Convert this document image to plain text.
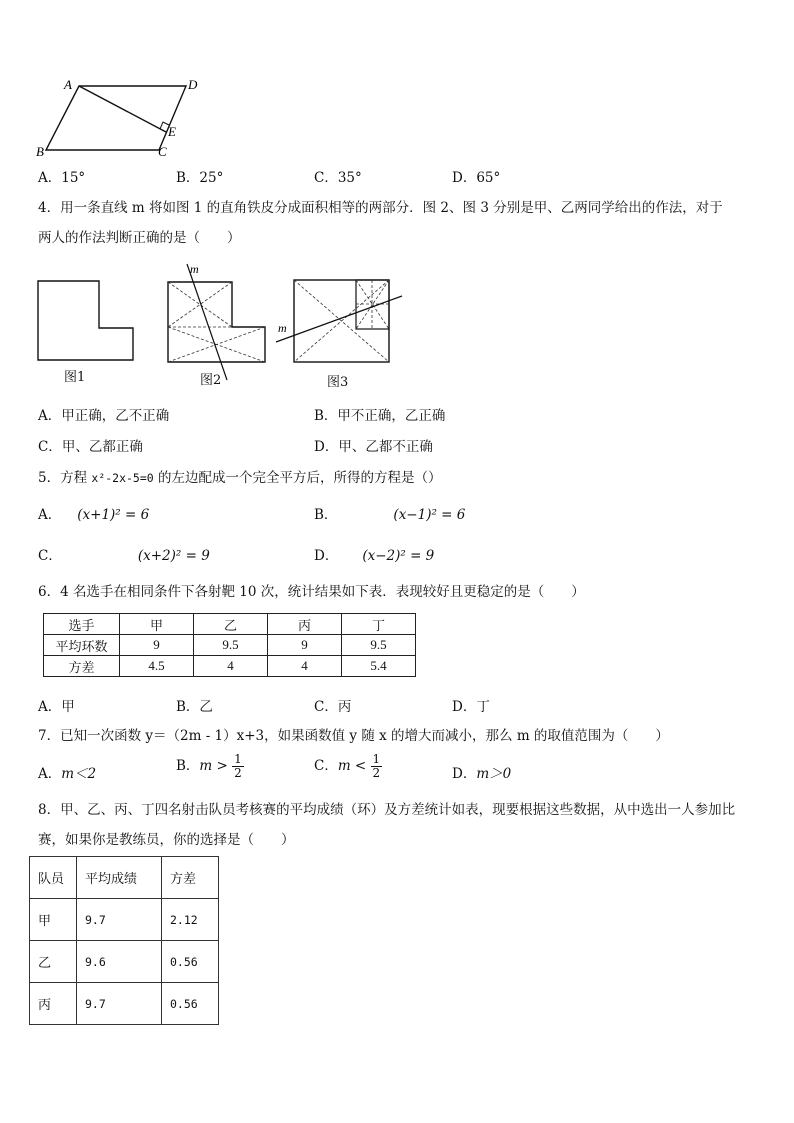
A	D
E
B	C
A．15°	B．25°	C．35°	D．65°
4．用一条直线 m 将如图 1 的直角铁皮分成面积相等的两部分．图 2、图 3 分别是甲、乙两同学给出的作法，对于
两人的作法判断正确的是（　　）
图1
m
图2
m
图3
A．甲正确，乙不正确	B．甲不正确，乙正确
C．甲、乙都正确	D．甲、乙都不正确
5．方程 x²-2x-5=0 的左边配成一个完全平方后，所得的方程是（）
A． (x+1)² = 6	B．	(x−1)² = 6
C．	(x+2)² = 9	D． (x−2)² = 9
6．4 名选手在相同条件下各射靶 10 次，统计结果如下表．表现较好且更稳定的是（　　）
选手	甲	乙	丙	丁
平均环数	9	9.5	9	9.5
方差	4.5	4	4	5.4
A．甲	B．乙	C．丙	D．丁
7．已知一次函数 y＝（2m - 1）x+3，如果函数值 y 随 x 的增大而减小，那么 m 的取值范围为（　　）
A．m＜2	B．$m > \frac{1}{2}$	C．$m < \frac{1}{2}$	D．m＞0
8．甲、乙、丙、丁四名射击队员考核赛的平均成绩（环）及方差统计如表，现要根据这些数据，从中选出一人参加比
赛，如果你是教练员，你的选择是（　　）
队员	平均成绩	方差
甲	9.7	2.12
乙	9.6	0.56
丙	9.7	0.56
